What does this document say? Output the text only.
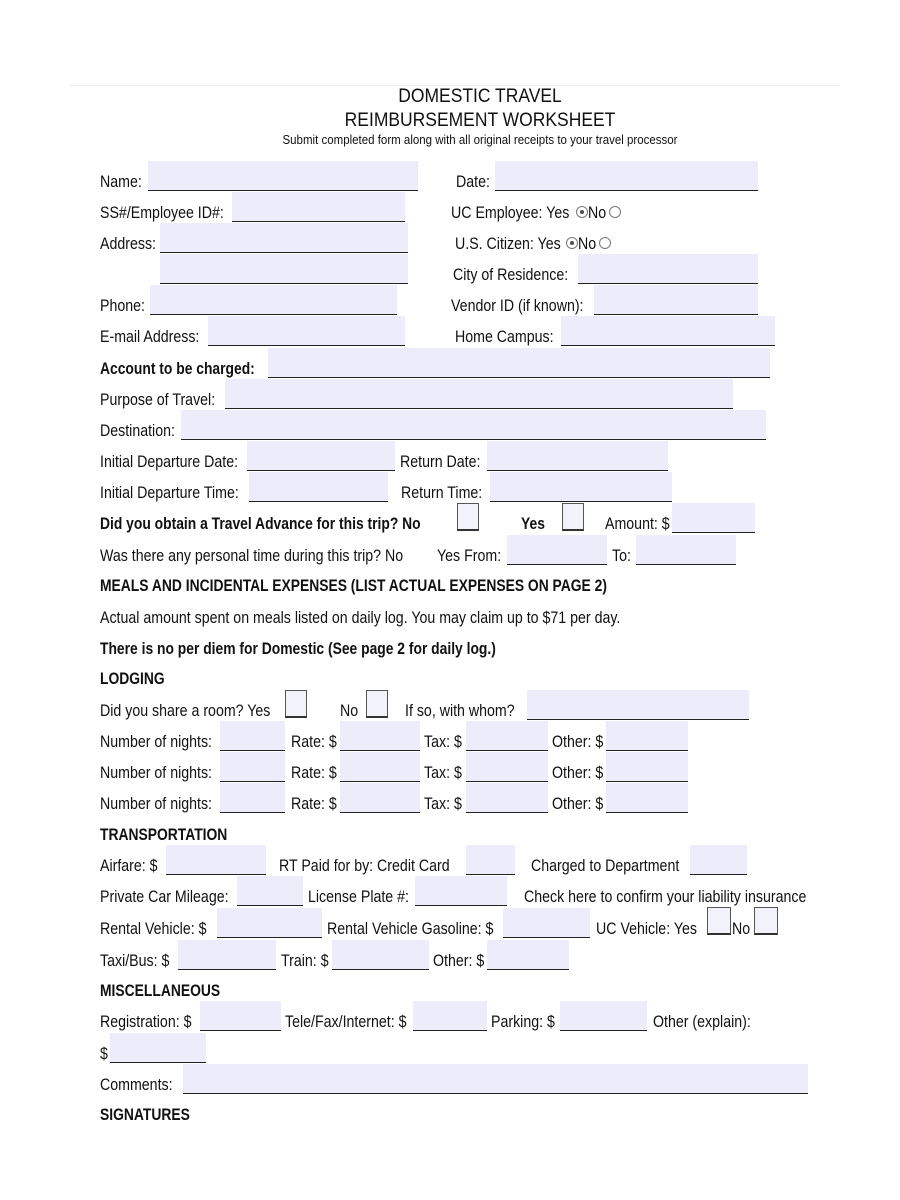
DOMESTIC TRAVEL
REIMBURSEMENT WORKSHEET
Submit completed form along with all original receipts to your travel processor
Name:	Date:
SS#/Employee ID#:	UC Employee: Yes No
Address:	U.S. Citizen: Yes No
City of Residence:
Phone:	Vendor ID (if known):
E-mail Address:	Home Campus:
Account to be charged:
Purpose of Travel:
Destination:
Initial Departure Date:	Return Date:
Initial Departure Time:	Return Time:
Did you obtain a Travel Advance for this trip? No	Yes	Amount: $
Was there any personal time during this trip? No Yes From:	To:
MEALS AND INCIDENTAL EXPENSES (LIST ACTUAL EXPENSES ON PAGE 2)
Actual amount spent on meals listed on daily log. You may claim up to $71 per day.
There is no per diem for Domestic (See page 2 for daily log.)
LODGING
Did you share a room? Yes	No	If so, with whom?
Number of nights:	Rate: $	Tax: $	Other: $
Number of nights:	Rate: $	Tax: $	Other: $
Number of nights:	Rate: $	Tax: $	Other: $
TRANSPORTATION
Airfare: $	RT Paid for by: Credit Card	Charged to Department
Private Car Mileage:	License Plate #:	Check here to confirm your liability insurance
Rental Vehicle: $	Rental Vehicle Gasoline: $	UC Vehicle: Yes No
Taxi/Bus: $	Train: $	Other: $
MISCELLANEOUS
Registration: $	Tele/Fax/Internet: $	Parking: $	Other (explain):
$
Comments:
SIGNATURES
